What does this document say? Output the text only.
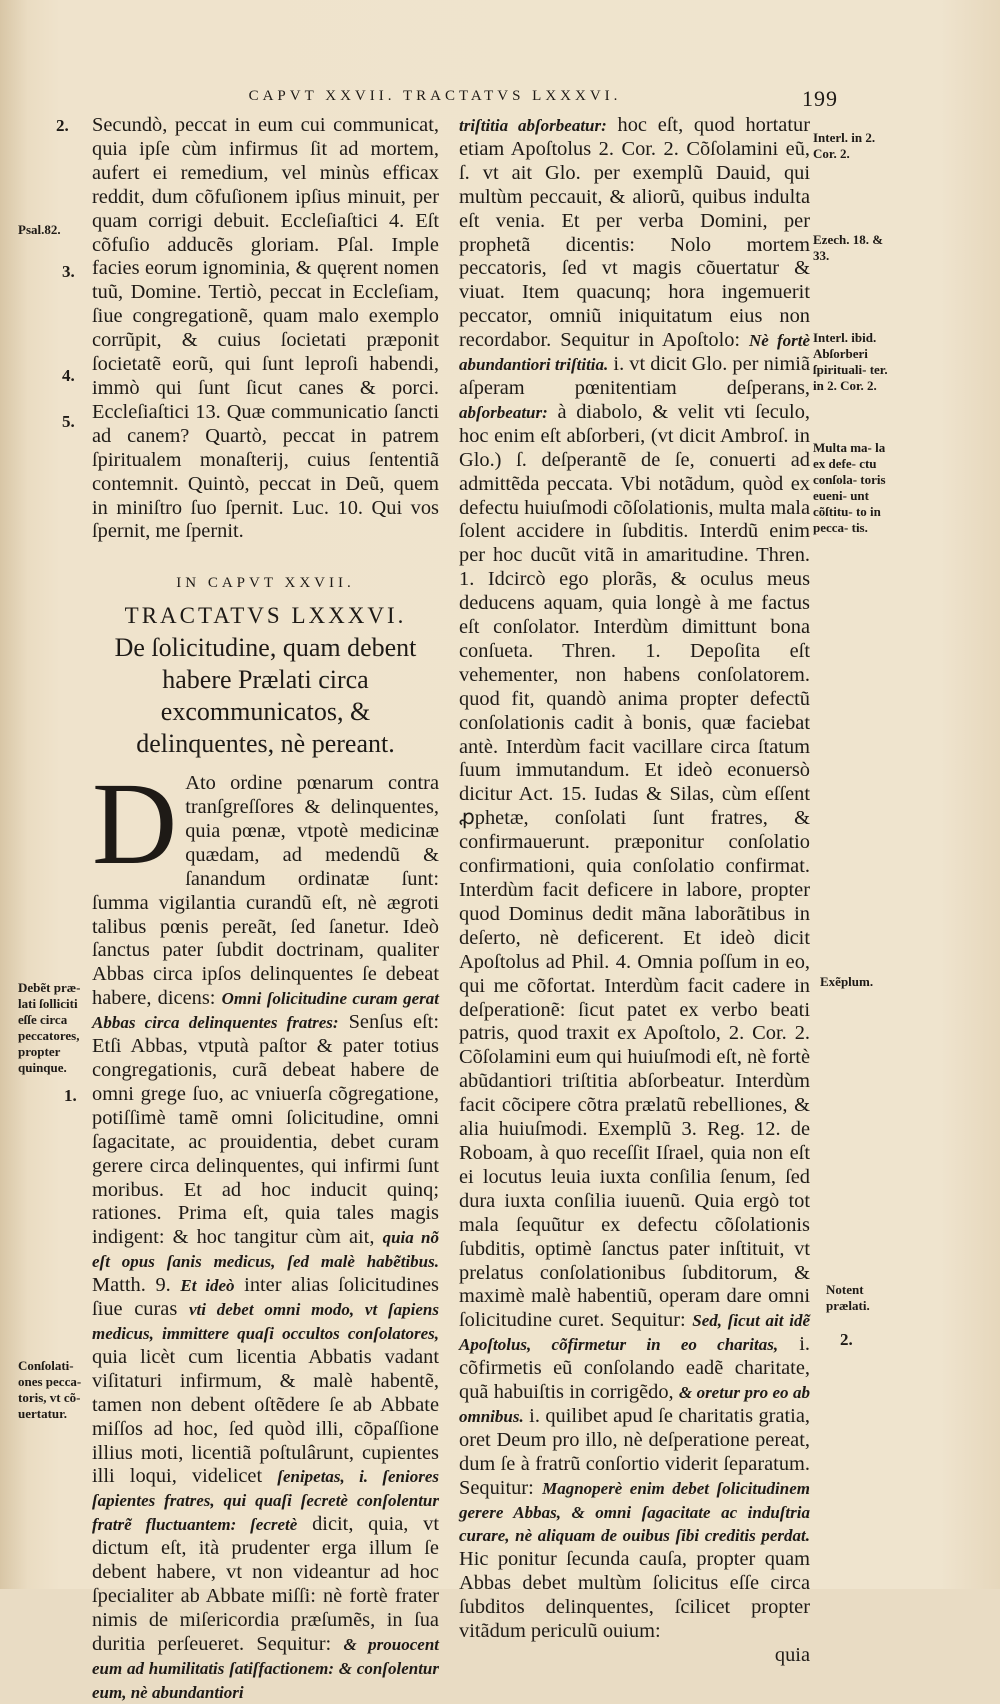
CAPVT XXVII. TRACTATVS LXXXVI.	199
2.
Psal.82.
3.
4.
5.
Debẽt præ- lati ſolliciti eſſe circa peccatores, propter quinque.
1.
Conſolati- ones pecca- toris, vt cõ- uertatur.

Secundò, peccat in eum cui communicat, quia ipſe cùm infirmus ſit ad mortem, aufert ei remedium, vel minùs efficax reddit, dum cõfuſionem ipſius minuit, per quam corrigi debuit. Eccleſiaſtici 4. Eſt cõfuſio adducẽs gloriam. Pſal. Imple facies eorum ignominia, & quęrent nomen tuũ, Domine. Tertiò, peccat in Eccleſiam, ſiue congregationẽ, quam malo exemplo corrũpit, & cuius ſocietati præponit ſocietatẽ eorũ, qui ſunt leproſi habendi, immò qui ſunt ſicut canes & porci. Eccleſiaſtici 13. Quæ communicatio ſancti ad canem? Quartò, peccat in patrem ſpiritualem monaſterij, cuius ſententiã contemnit. Quintò, peccat in Deũ, quem in miniſtro ſuo ſpernit. Luc. 10. Qui vos ſpernit, me ſpernit.

IN CAPVT XXVII.

TRACTATVS LXXXVI.

De ſolicitudine, quam debent habere Prælati circa excommunicatos, & delinquentes, nè pereant.

D Ato ordine pœnarum contra tranſgreſſores & delinquentes, quia pœnæ, vtpotè medicinæ quædam, ad medendũ & ſanandum ordinatæ ſunt: ſumma vigilantia curandũ eſt, nè ægroti talibus pœnis pereãt, ſed ſanetur. Ideò ſanctus pater ſubdit doctrinam, qualiter Abbas circa ipſos delinquentes ſe debeat habere, dicens: Omni ſolicitudine curam gerat Abbas circa delinquentes fratres: Senſus eſt: Etſi Abbas, vtputà paſtor & pater totius congregationis, curã debeat habere de omni grege ſuo, ac vniuerſa cõgregatione, potiſſimè tamẽ omni ſolicitudine, omni ſagacitate, ac prouidentia, debet curam gerere circa delinquentes, qui infirmi ſunt moribus. Et ad hoc inducit quinq; rationes. Prima eſt, quia tales magis indigent: & hoc tangitur cùm ait, quia nõ eſt opus ſanis medicus, ſed malè habẽtibus. Matth. 9. Et ideò inter alias ſolicitudines ſiue curas vti debet omni modo, vt ſapiens medicus, immittere quaſi occultos conſolatores, quia licèt cum licentia Abbatis vadant viſitaturi infirmum, & malè habentẽ, tamen non debent oſtẽdere ſe ab Abbate miſſos ad hoc, ſed quòd illi, cõpaſſione illius moti, licentiã poſtulârunt, cupientes illi loqui, videlicet ſenipetas, i. ſeniores ſapientes fratres, qui quaſi ſecretè conſolentur fratrẽ fluctuantem: ſecretè dicit, quia, vt dictum eſt, ità prudenter erga illum ſe debent habere, vt non videantur ad hoc ſpecialiter ab Abbate miſſi: nè fortè frater nimis de miſericordia præſumẽs, in ſua duritia perſeueret. Sequitur: & prouocent eum ad humilitatis ſatiſfactionem: & conſolentur eum, nè abundantiori

triſtitia abſorbeatur: hoc eſt, quod hortatur etiam Apoſtolus 2. Cor. 2. Cõſolamini eũ, ſ. vt ait Glo. per exemplũ Dauid, qui multùm peccauit, & aliorũ, quibus indulta eſt venia. Et per verba Domini, per prophetã dicentis: Nolo mortem peccatoris, ſed vt magis cõuertatur & viuat. Item quacunq; hora ingemuerit peccator, omniũ iniquitatum eius non recordabor. Sequitur in Apoſtolo: Nè fortè abundantiori triſtitia. i. vt dicit Glo. per nimiã aſperam pœnitentiam deſperans, abſorbeatur: à diabolo, & velit vti ſeculo, hoc enim eſt abſorberi, (vt dicit Ambroſ. in Glo.) ſ. deſperantẽ de ſe, conuerti ad admittẽda peccata. Vbi notãdum, quòd ex defectu huiuſmodi cõſolationis, multa mala ſolent accidere in ſubditis. Interdũ enim per hoc ducũt vitã in amaritudine. Thren. 1. Idcircò ego plorãs, & oculus meus deducens aquam, quia longè à me factus eſt conſolator. Interdùm dimittunt bona conſueta. Thren. 1. Depoſita eſt vehementer, non habens conſolatorem. quod fit, quandò anima propter defectũ conſolationis cadit à bonis, quæ faciebat antè. Interdùm facit vacillare circa ſtatum ſuum immutandum. Et ideò econuersò dicitur Act. 15. Iudas & Silas, cùm eſſent ꝓphetæ, conſolati ſunt fratres, & confirmauerunt. præponitur conſolatio confirmationi, quia conſolatio confirmat. Interdùm facit deficere in labore, propter quod Dominus dedit mãna laborãtibus in deſerto, nè deficerent. Et ideò dicit Apoſtolus ad Phil. 4. Omnia poſſum in eo, qui me cõfortat. Interdùm facit cadere in deſperationẽ: ſicut patet ex verbo beati patris, quod traxit ex Apoſtolo, 2. Cor. 2. Cõſolamini eum qui huiuſmodi eſt, nè fortè abũdantiori triſtitia abſorbeatur. Interdùm facit cõcipere cõtra prælatũ rebelliones, & alia huiuſmodi. Exemplũ 3. Reg. 12. de Roboam, à quo receſſit Iſrael, quia non eſt ei locutus leuia iuxta conſilia ſenum, ſed dura iuxta conſilia iuuenũ. Quia ergò tot mala ſequũtur ex defectu cõſolationis ſubditis, optimè ſanctus pater inſtituit, vt prelatus conſolationibus ſubditorum, & maximè malè habentiũ, operam dare omni ſolicitudine curet. Sequitur: Sed, ſicut ait idẽ Apoſtolus, cõfirmetur in eo charitas, i. cõfirmetis eũ conſolando eadẽ charitate, quã habuiſtis in corrigẽdo, & oretur pro eo ab omnibus. i. quilibet apud ſe charitatis gratia, oret Deum pro illo, nè deſperatione pereat, dum ſe à fratrũ conſortio viderit ſeparatum. Sequitur: Magnoperè enim debet ſolicitudinem gerere Abbas, & omni ſagacitate ac induſtria curare, nè aliquam de ouibus ſibi creditis perdat. Hic ponitur ſecunda cauſa, propter quam Abbas debet multùm ſolicitus eſſe circa ſubditos delinquentes, ſcilicet propter vitãdum periculũ ouium:

quia

Interl. in 2. Cor. 2.
Ezech. 18. & 33.
Interl. ibid. Abſorberi ſpirituali- ter. in 2. Cor. 2.
Multa ma- la ex defe- ctu conſola- toris eueni- unt cõſtitu- to in pecca- tis.
Exẽplum.
Notent prælati.
2.
